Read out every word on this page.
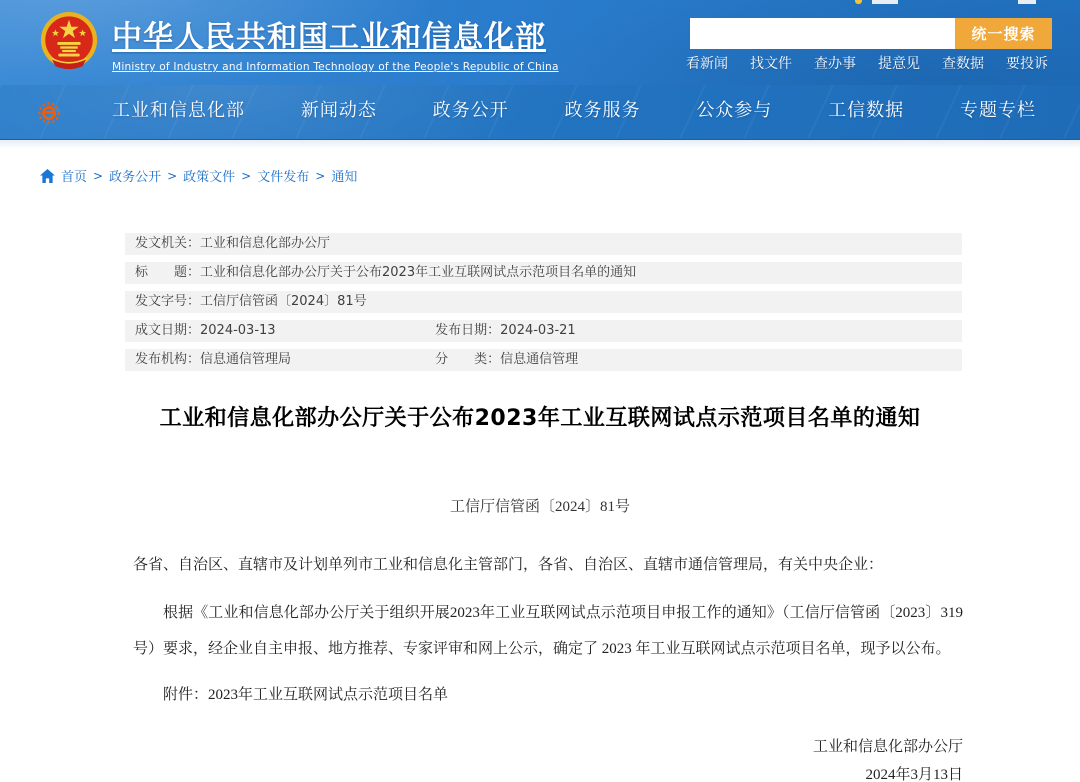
中华人民共和国工业和信息化部
Ministry of Industry and Information Technology of the People's Republic of China
统一搜索
看新闻 找文件 查办事 提意见 查数据 要投诉
工业和信息化部	新闻动态	政务公开	政务服务	公众参与	工信数据	专题专栏
首页 > 政务公开 > 政策文件 > 文件发布 > 通知
发文机关：工业和信息化部办公厅
标　　题：工业和信息化部办公厅关于公布2023年工业互联网试点示范项目名单的通知
发文字号：工信厅信管函〔2024〕81号
成文日期：2024-03-13	发布日期：2024-03-21
发布机构：信息通信管理局	分　　类：信息通信管理
工业和信息化部办公厅关于公布2023年工业互联网试点示范项目名单的通知
工信厅信管函〔2024〕81号

各省、自治区、直辖市及计划单列市工业和信息化主管部门，各省、自治区、直辖市通信管理局，有关中央企业：

根据《工业和信息化部办公厅关于组织开展2023年工业互联网试点示范项目申报工作的通知》（工信厅信管函〔2023〕319号）要求，经企业自主申报、地方推荐、专家评审和网上公示，确定了 2023 年工业互联网试点示范项目名单，现予以公布。

附件：2023年工业互联网试点示范项目名单

工业和信息化部办公厅
2024年3月13日
